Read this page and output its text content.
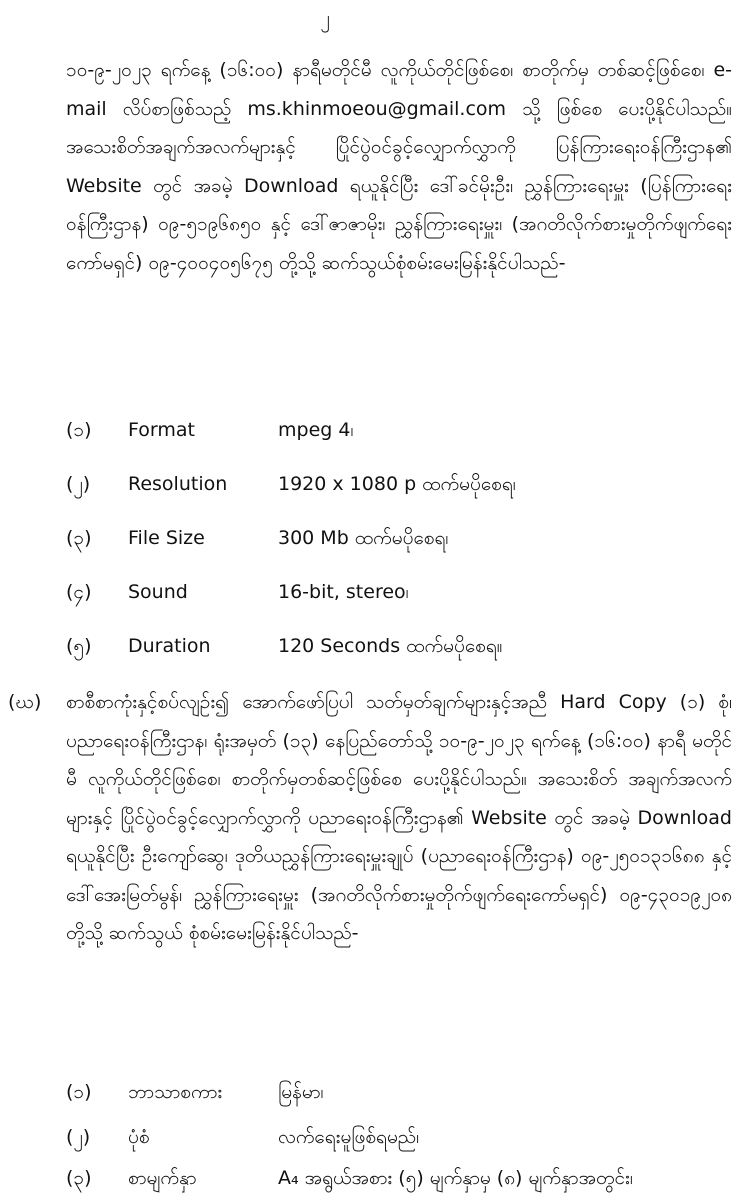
၂

၁၀-၉-၂၀၂၃ ရက်နေ့ (၁၆:၀၀) နာရီမတိုင်မီ လူကိုယ်တိုင်ဖြစ်စေ၊ စာတိုက်မှ တစ်ဆင့်ဖြစ်စေ၊ e-mail လိပ်စာဖြစ်သည့် ms.khinmoeou@gmail.com သို့ ဖြစ်စေ ပေးပို့နိုင်ပါသည်။ အသေးစိတ်အချက်အလက်များနှင့် ပြိုင်ပွဲဝင်ခွင့်လျှောက်လွှာကို ပြန်ကြားရေးဝန်ကြီးဌာန၏ Website တွင် အခမဲ့ Download ရယူနိုင်ပြီး ဒေါ်ခင်မိုးဦး၊ ညွှန်ကြားရေးမှူး (ပြန်ကြားရေးဝန်ကြီးဌာန) ၀၉-၅၁၉၆၈၅၀ နှင့် ဒေါ်ဇာဇာမိုး၊ ညွှန်ကြားရေးမှူး၊ (အဂတိလိုက်စားမှုတိုက်ဖျက်ရေးကော်မရှင်) ၀၉-၄၀၀၄၀၅၆၇၅ တို့သို့ ဆက်သွယ်စုံစမ်းမေးမြန်းနိုင်ပါသည်-

(၁) Format	mpeg 4၊
(၂) Resolution	1920 x 1080 p ထက်မပိုစေရ၊
(၃) File Size	300 Mb ထက်မပိုစေရ၊
(၄) Sound	16-bit, stereo၊
(၅) Duration	120 Seconds ထက်မပိုစေရ။
(ဃ) စာစီစာကုံးနှင့်စပ်လျဉ်း၍ အောက်ဖော်ပြပါ သတ်မှတ်ချက်များနှင့်အညီ Hard Copy (၁) စုံ၊ ပညာရေးဝန်ကြီးဌာန၊ ရုံးအမှတ် (၁၃) နေပြည်တော်သို့ ၁၀-၉-၂၀၂၃ ရက်နေ့ (၁၆:၀၀) နာရီ မတိုင်မီ လူကိုယ်တိုင်ဖြစ်စေ၊ စာတိုက်မှတစ်ဆင့်ဖြစ်စေ ပေးပို့နိုင်ပါသည်။ အသေးစိတ် အချက်အလက်များနှင့် ပြိုင်ပွဲဝင်ခွင့်လျှောက်လွှာကို ပညာရေးဝန်ကြီးဌာန၏ Website တွင် အခမဲ့ Download ရယူနိုင်ပြီး ဦးကျော်ဆွေ၊ ဒုတိယညွှန်ကြားရေးမှူးချုပ် (ပညာရေးဝန်ကြီးဌာန) ၀၉-၂၅၀၁၃၁၆၈၈ နှင့် ဒေါ်အေးမြတ်မွန်၊ ညွှန်ကြားရေးမှူး (အဂတိလိုက်စားမှုတိုက်ဖျက်ရေးကော်မရှင်) ၀၉-၄၃၀၁၉၂၀၈ တို့သို့ ဆက်သွယ် စုံစမ်းမေးမြန်းနိုင်ပါသည်-

(၁) ဘာသာစကား	မြန်မာ၊
(၂) ပုံစံ	လက်ရေးမူဖြစ်ရမည်၊
(၃) စာမျက်နှာ	A₄ အရွယ်အစား (၅) မျက်နှာမှ (၈) မျက်နှာအတွင်း၊
